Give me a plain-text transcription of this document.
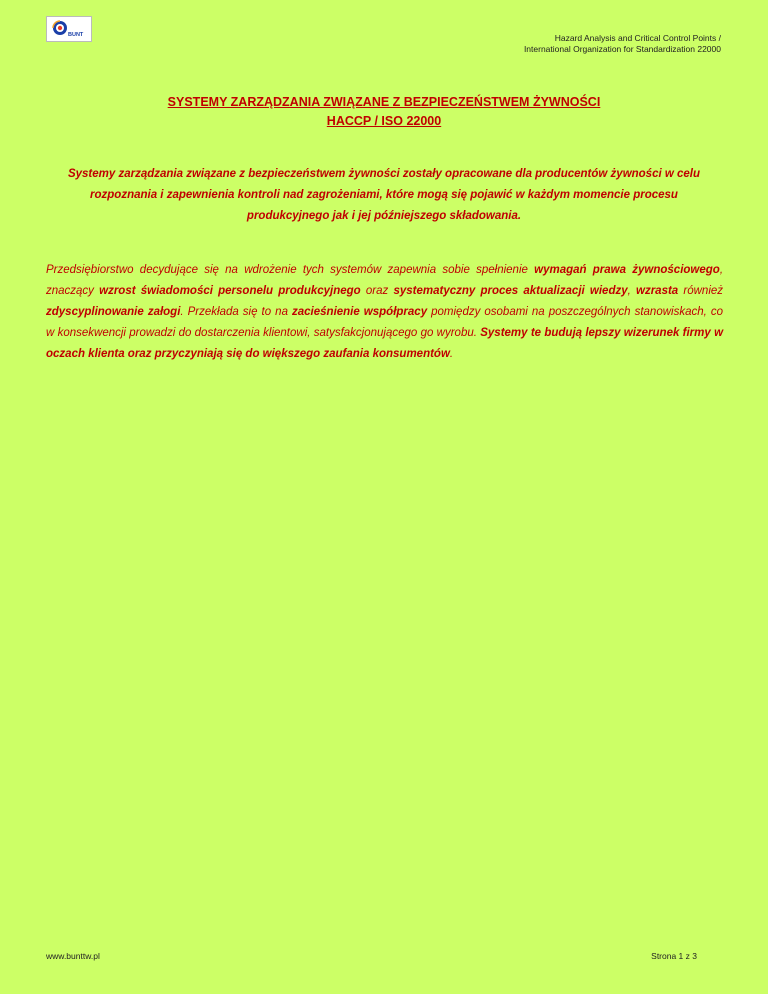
BUNT	Hazard Analysis and Critical Control Points /
International Organization for Standardization 22000
SYSTEMY ZARZĄDZANIA ZWIĄZANE Z BEZPIECZEŃSTWEM ŻYWNOŚCI
HACCP / ISO 22000
Systemy zarządzania związane z bezpieczeństwem żywności zostały opracowane dla producentów żywności w celu
rozpoznania i zapewnienia kontroli nad zagrożeniami, które mogą się pojawić w każdym momencie procesu
produkcyjnego jak i jej późniejszego składowania.
Przedsiębiorstwo decydujące się na wdrożenie tych systemów zapewnia sobie spełnienie wymagań prawa żywnościowego, znaczący wzrost świadomości personelu produkcyjnego oraz systematyczny proces aktualizacji wiedzy, wzrasta również zdyscyplinowanie załogi. Przekłada się to na zacieśnienie współpracy pomiędzy osobami na poszczególnych stanowiskach, co w konsekwencji prowadzi do dostarczenia klientowi, satysfakcjonującego go wyrobu. Systemy te budują lepszy wizerunek firmy w oczach klienta oraz przyczyniają się do większego zaufania konsumentów.
www.bunttw.pl	Strona 1 z 3
